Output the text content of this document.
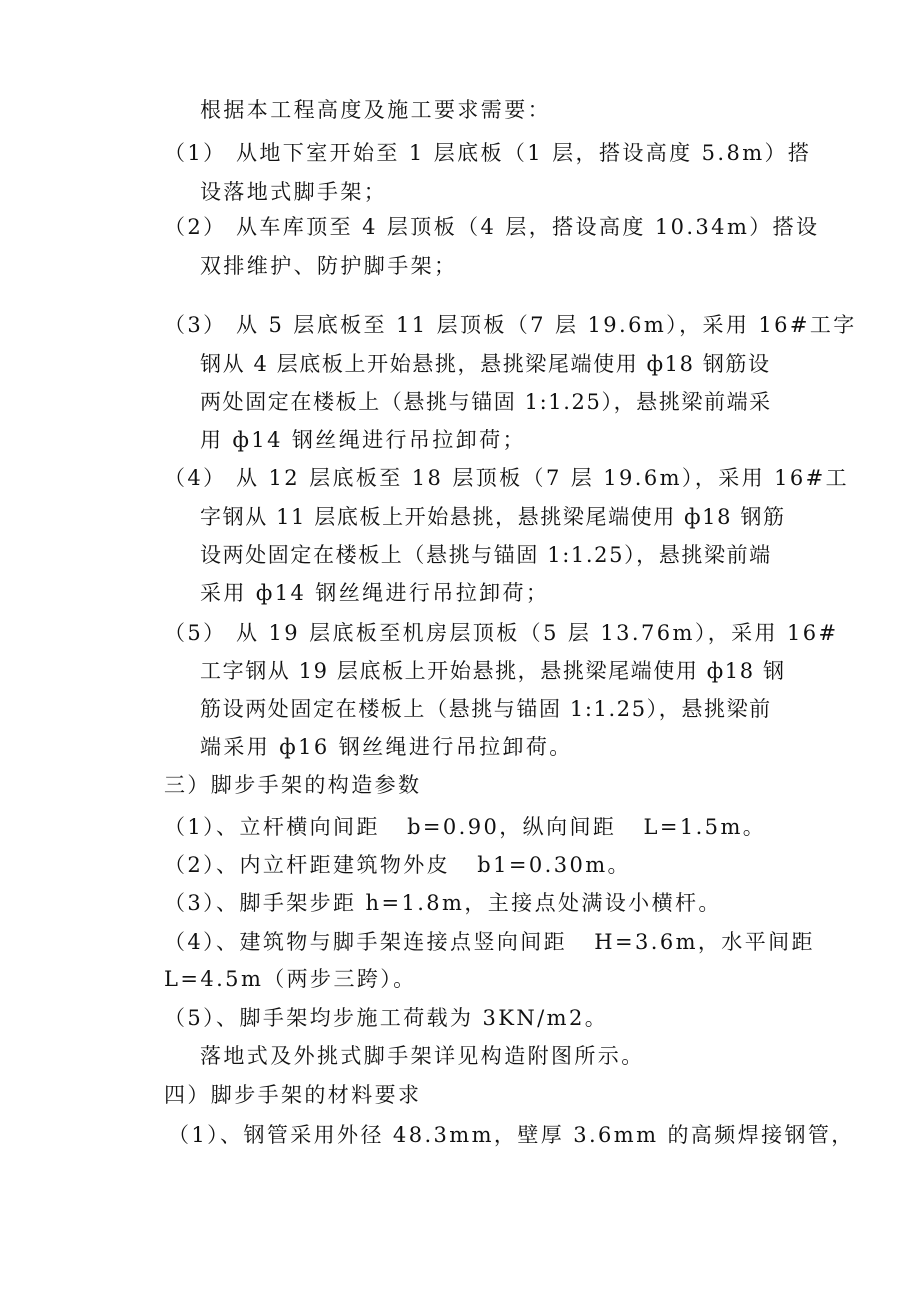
根据本工程高度及施工要求需要：
（1） 从地下室开始至 1 层底板（1 层，搭设高度 5.8m）搭
设落地式脚手架；
（2） 从车库顶至 4 层顶板（4 层，搭设高度 10.34m）搭设
双排维护、防护脚手架；
（3） 从 5 层底板至 11 层顶板（7 层 19.6m），采用 16#工字
钢从 4 层底板上开始悬挑，悬挑梁尾端使用 ф18 钢筋设
两处固定在楼板上（悬挑与锚固 1:1.25），悬挑梁前端采
用 ф14 钢丝绳进行吊拉卸荷；
（4） 从 12 层底板至 18 层顶板（7 层 19.6m），采用 16#工
字钢从 11 层底板上开始悬挑，悬挑梁尾端使用 ф18 钢筋
设两处固定在楼板上（悬挑与锚固 1:1.25），悬挑梁前端
采用 ф14 钢丝绳进行吊拉卸荷；
（5） 从 19 层底板至机房层顶板（5 层 13.76m），采用 16#
工字钢从 19 层底板上开始悬挑，悬挑梁尾端使用 ф18 钢
筋设两处固定在楼板上（悬挑与锚固 1:1.25），悬挑梁前
端采用 ф16 钢丝绳进行吊拉卸荷。
三）脚步手架的构造参数
（1）、立杆横向间距   b=0.90，纵向间距   L=1.5m。
（2）、内立杆距建筑物外皮   b1=0.30m。
（3）、脚手架步距 h=1.8m，主接点处满设小横杆。
（4）、建筑物与脚手架连接点竖向间距   H=3.6m，水平间距
L=4.5m（两步三跨）。
（5）、脚手架均步施工荷载为 3KN/m2。
落地式及外挑式脚手架详见构造附图所示。
四）脚步手架的材料要求
（1）、钢管采用外径 48.3mm，壁厚 3.6mm 的高频焊接钢管，
